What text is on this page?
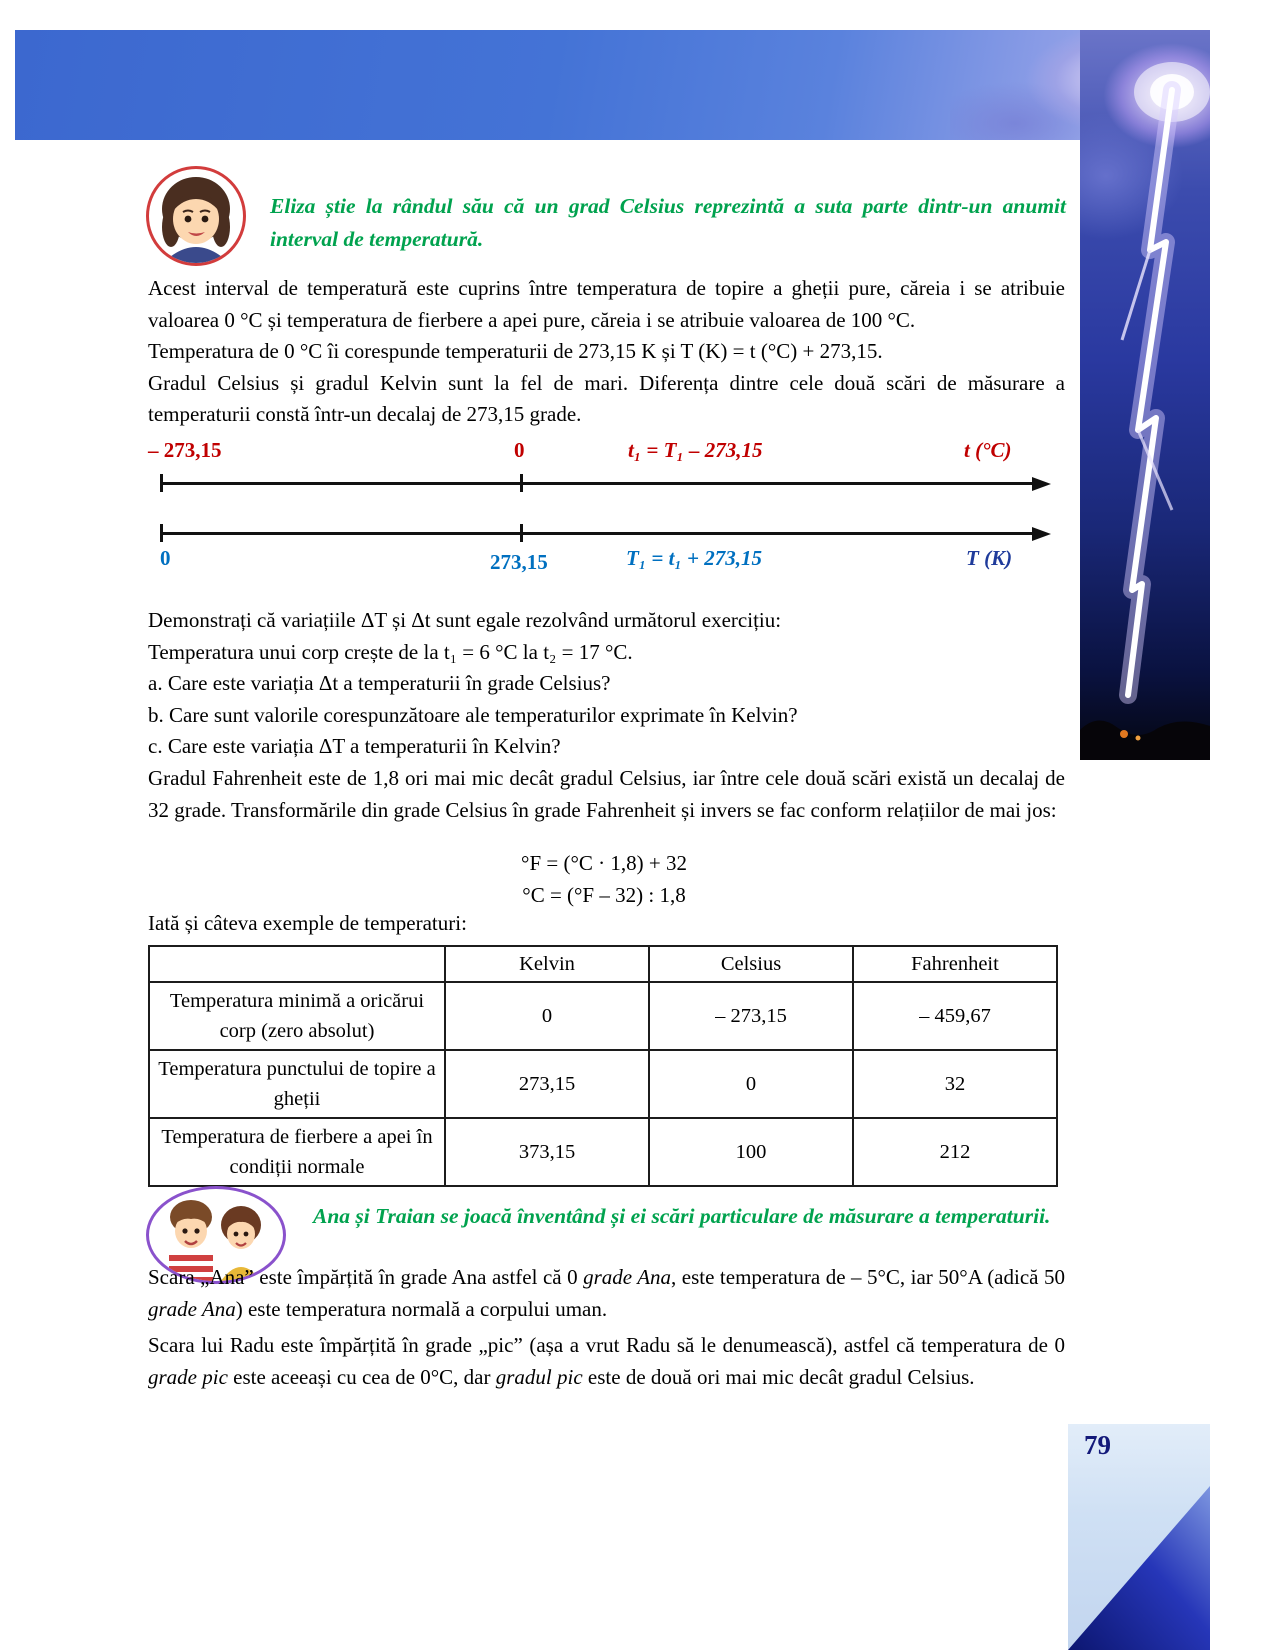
Eliza știe la rândul său că un grad Celsius reprezintă a suta parte dintr-un anumit interval de temperatură.

Acest interval de temperatură este cuprins între temperatura de topire a gheții pure, căreia i se atribuie valoarea 0 °C și temperatura de fierbere a apei pure, căreia i se atribuie valoarea de 100 °C.

Temperatura de 0 °C îi corespunde temperaturii de 273,15 K și T (K) = t (°C) + 273,15.

Gradul Celsius și gradul Kelvin sunt la fel de mari. Diferența dintre cele două scări de măsurare a temperaturii constă într-un decalaj de 273,15 grade.

– 273,15	0	t₁ = T₁ – 273,15	t (°C)
0	273,15	T₁ = t₁ + 273,15	T (K)

Demonstrați că variațiile ΔT și Δt sunt egale rezolvând următorul exercițiu:

Temperatura unui corp crește de la t₁ = 6 °C la t₂ = 17 °C.

a. Care este variația Δt a temperaturii în grade Celsius?

b. Care sunt valorile corespunzătoare ale temperaturilor exprimate în Kelvin?

c. Care este variația ΔT a temperaturii în Kelvin?

Gradul Fahrenheit este de 1,8 ori mai mic decât gradul Celsius, iar între cele două scări există un decalaj de 32 grade. Transformările din grade Celsius în grade Fahrenheit și invers se fac conform relațiilor de mai jos:

°F = (°C · 1,8) + 32

°C = (°F – 32) : 1,8

Iată și câteva exemple de temperaturi:
	Kelvin	Celsius	Fahrenheit
Temperatura minimă a oricărui corp (zero absolut)	0	– 273,15	– 459,67
Temperatura punctului de topire a gheții	273,15	0	32
Temperatura de fierbere a apei în condiții normale	373,15	100	212
Ana și Traian se joacă înventând și ei scări particulare de măsurare a temperaturii.

Scara „Ana” este împărțită în grade Ana astfel că 0 grade Ana, este temperatura de – 5°C, iar 50°A (adică 50 grade Ana) este temperatura normală a corpului uman.

Scara lui Radu este împărțită în grade „pic” (așa a vrut Radu să le denumească), astfel că temperatura de 0 grade pic este aceeași cu cea de 0°C, dar gradul pic este de două ori mai mic decât gradul Celsius.

79
